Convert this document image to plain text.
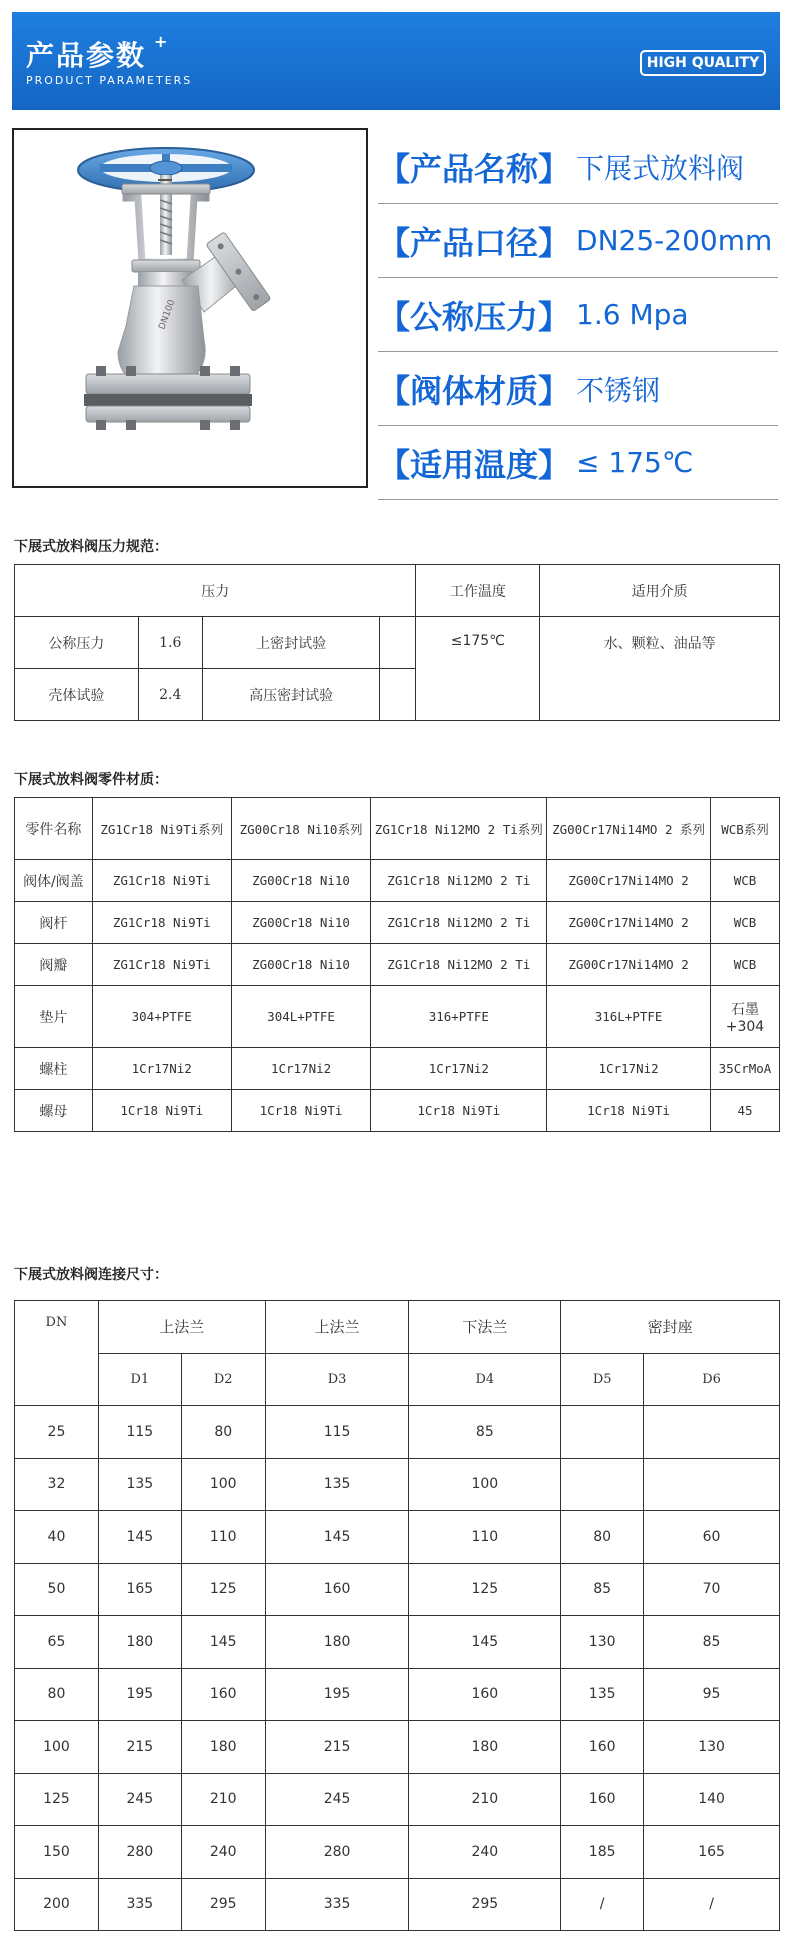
产品参数 +
PRODUCT PARAMETERS
HIGH QUALITY
DN100
【产品名称】 下展式放料阀
【产品口径】 DN25-200mm
【公称压力】 1.6 Mpa
【阀体材质】 不锈钢
【适用温度】 ≤ 175℃
下展式放料阀压力规范：
压力				工作温度	适用介质
公称压力	1.6	上密封试验		≤175℃	水、颗粒、油品等
壳体试验	2.4	高压密封试验			
下展式放料阀零件材质：
零件名称	ZG1Cr18 Ni9Ti系列	ZG00Cr18 Ni10系列	ZG1Cr18 Ni12MO 2 Ti系列	ZG00Cr17Ni14MO 2 系列	WCB系列
阀体/阀盖	ZG1Cr18 Ni9Ti	ZG00Cr18 Ni10	ZG1Cr18 Ni12MO 2 Ti	ZG00Cr17Ni14MO 2	WCB
阀杆	ZG1Cr18 Ni9Ti	ZG00Cr18 Ni10	ZG1Cr18 Ni12MO 2 Ti	ZG00Cr17Ni14MO 2	WCB
阀瓣	ZG1Cr18 Ni9Ti	ZG00Cr18 Ni10	ZG1Cr18 Ni12MO 2 Ti	ZG00Cr17Ni14MO 2	WCB
垫片	304+PTFE	304L+PTFE	316+PTFE	316L+PTFE	石墨+304
螺柱	1Cr17Ni2	1Cr17Ni2	1Cr17Ni2	1Cr17Ni2	35CrMoA
螺母	1Cr18 Ni9Ti	1Cr18 Ni9Ti	1Cr18 Ni9Ti	1Cr18 Ni9Ti	45
下展式放料阀连接尺寸：
DN	上法兰		上法兰	下法兰	密封座	
	D1	D2	D3	D4	D5	D6
25	115	80	115	85		
32	135	100	135	100		
40	145	110	145	110	80	60
50	165	125	160	125	85	70
65	180	145	180	145	130	85
80	195	160	195	160	135	95
100	215	180	215	180	160	130
125	245	210	245	210	160	140
150	280	240	280	240	185	165
200	335	295	335	295	/	/
